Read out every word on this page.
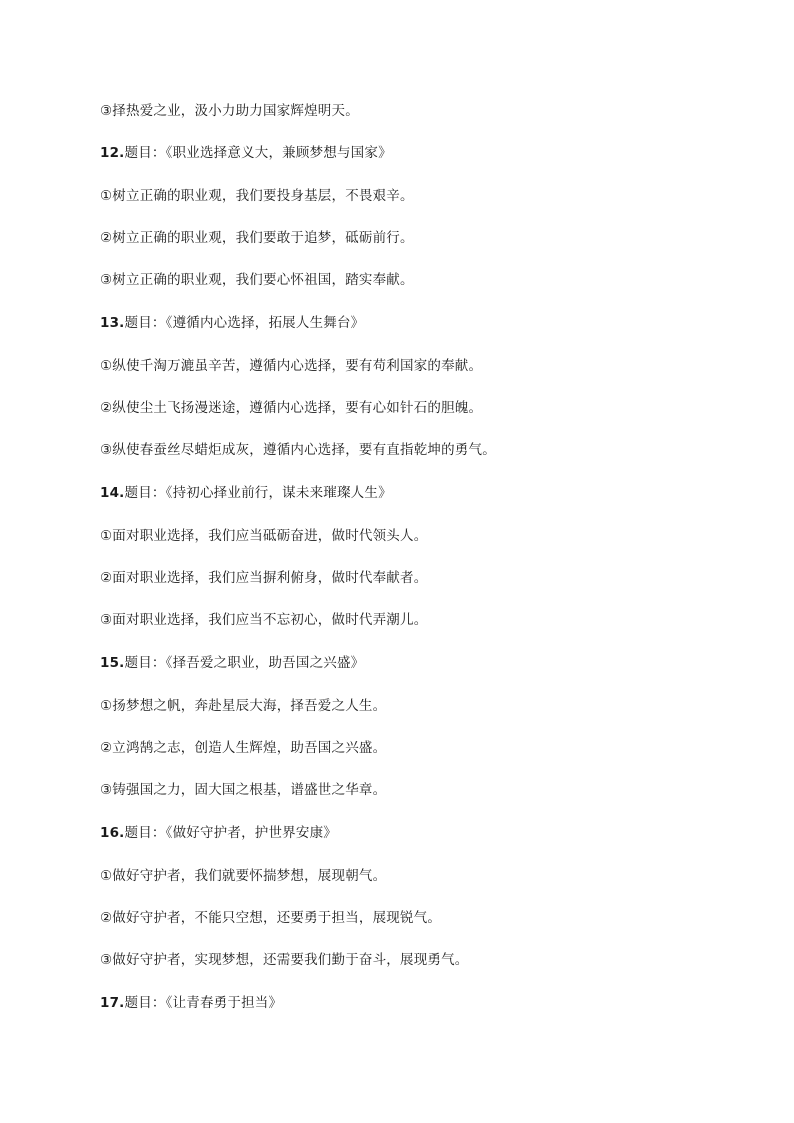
③择热爱之业，汲小力助力国家辉煌明天。
12.题目：《职业选择意义大，兼顾梦想与国家》
①树立正确的职业观，我们要投身基层，不畏艰辛。
②树立正确的职业观，我们要敢于追梦，砥砺前行。
③树立正确的职业观，我们要心怀祖国，踏实奉献。
13.题目：《遵循内心选择，拓展人生舞台》
①纵使千淘万漉虽辛苦，遵循内心选择，要有苟利国家的奉献。
②纵使尘土飞扬漫迷途，遵循内心选择，要有心如针石的胆魄。
③纵使春蚕丝尽蜡炬成灰，遵循内心选择，要有直指乾坤的勇气。
14.题目：《持初心择业前行，谋未来璀璨人生》
①面对职业选择，我们应当砥砺奋进，做时代领头人。
②面对职业选择，我们应当摒利俯身，做时代奉献者。
③面对职业选择，我们应当不忘初心，做时代弄潮儿。
15.题目：《择吾爱之职业，助吾国之兴盛》
①扬梦想之帆，奔赴星辰大海，择吾爱之人生。
②立鸿鹄之志，创造人生辉煌，助吾国之兴盛。
③铸强国之力，固大国之根基，谱盛世之华章。
16.题目：《做好守护者，护世界安康》
①做好守护者，我们就要怀揣梦想，展现朝气。
②做好守护者，不能只空想，还要勇于担当，展现锐气。
③做好守护者，实现梦想，还需要我们勤于奋斗，展现勇气。
17.题目：《让青春勇于担当》
